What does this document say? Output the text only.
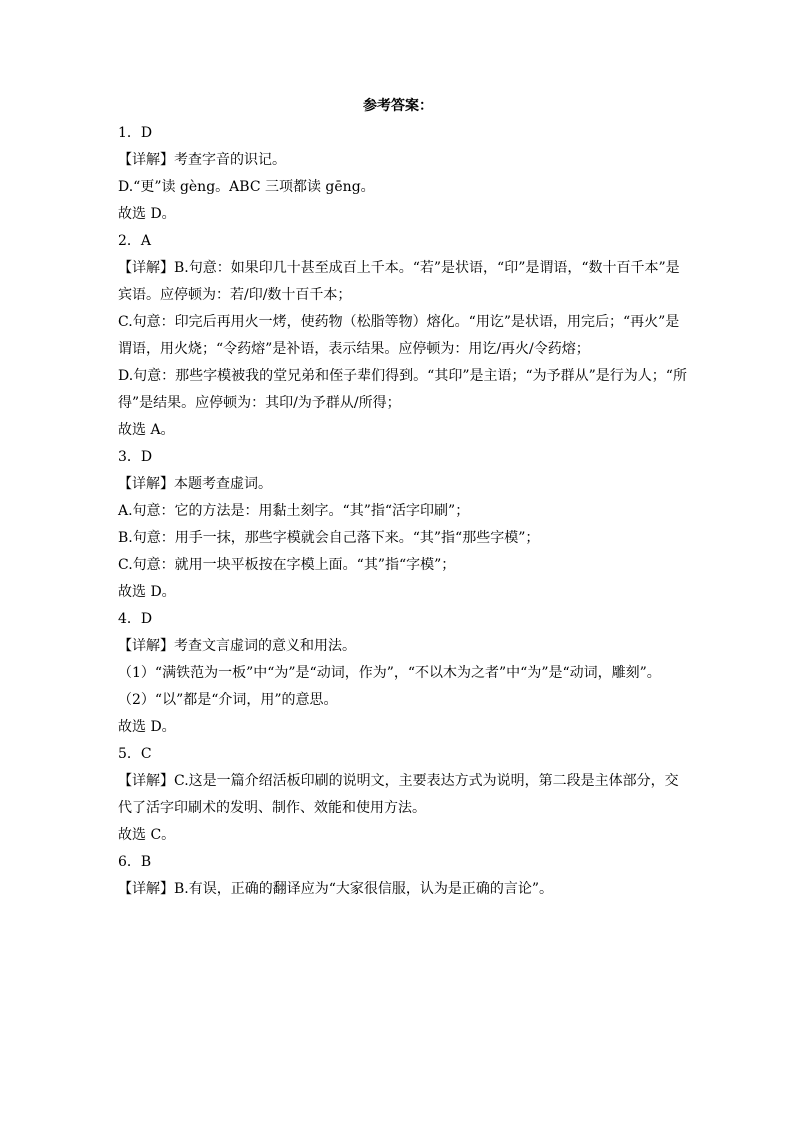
参考答案：
1．D
【详解】考查字音的识记。
D.“更”读 gèng。ABC 三项都读 gēng。
故选 D。
2．A
【详解】B.句意：如果印几十甚至成百上千本。“若”是状语，“印”是谓语，“数十百千本”是
宾语。应停顿为：若/印/数十百千本；
C.句意：印完后再用火一烤，使药物（松脂等物）熔化。“用讫”是状语，用完后；“再火”是
谓语，用火烧；“令药熔”是补语，表示结果。应停顿为：用讫/再火/令药熔；
D.句意：那些字模被我的堂兄弟和侄子辈们得到。“其印”是主语；“为予群从”是行为人；“所
得”是结果。应停顿为：其印/为予群从/所得；
故选 A。
3．D
【详解】本题考查虚词。
A.句意：它的方法是：用黏土刻字。“其”指“活字印刷”；
B.句意：用手一抹，那些字模就会自己落下来。“其”指“那些字模”；
C.句意：就用一块平板按在字模上面。“其”指“字模”；
故选 D。
4．D
【详解】考查文言虚词的意义和用法。
（1）“满铁范为一板”中“为”是“动词，作为”，“不以木为之者”中“为”是“动词，雕刻”。
（2）“以”都是“介词，用”的意思。
故选 D。
5．C
【详解】C.这是一篇介绍活板印刷的说明文，主要表达方式为说明，第二段是主体部分，交
代了活字印刷术的发明、制作、效能和使用方法。
故选 C。
6．B
【详解】B.有误，正确的翻译应为“大家很信服，认为是正确的言论”。
